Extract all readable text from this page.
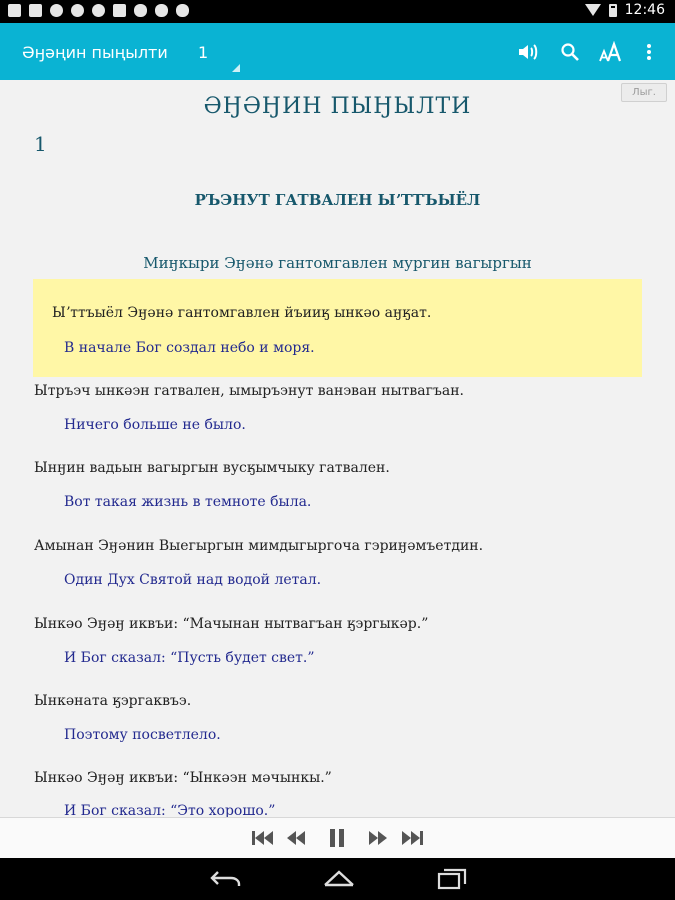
12:46
Әӈәңин пыңылти 1
Лыг.
ӘӇӘӇИН ПЫӇЫЛТИ
1
РЪЭНУТ ГАТВАЛЕН ЫʼТТЪЫЁЛ
Миӈкыри Эӈәнә гантомгавлен мургин вагыргын
Ыʼттъыёл Эӈәнә гантомгавлен йъииӄ ынкәо аӈӄат.
В начале Бог создал небо и моря.
Ытръэч ынкәэн гатвален, ымыръэнут ванэван нытвагъан.
Ничего больше не было.
Ынӈин вадьын вагыргын вусӄымчыку гатвален.
Вот такая жизнь в темноте была.
Амынан Эӈәнин Выегыргын мимдыгыргоча гэриӈәмъетдин.
Один Дух Святой над водой летал.
Ынкәо Эӈәӈ иквъи: “Мачынан нытвагъан ӄэргыкәр.”
И Бог сказал: “Пусть будет свет.”
Ынкәната ӄэргаквъэ.
Поэтому посветлело.
Ынкәо Эӈәӈ иквъи: “Ынкәэн мәчынкы.”
И Бог сказал: “Это хорошо.”
